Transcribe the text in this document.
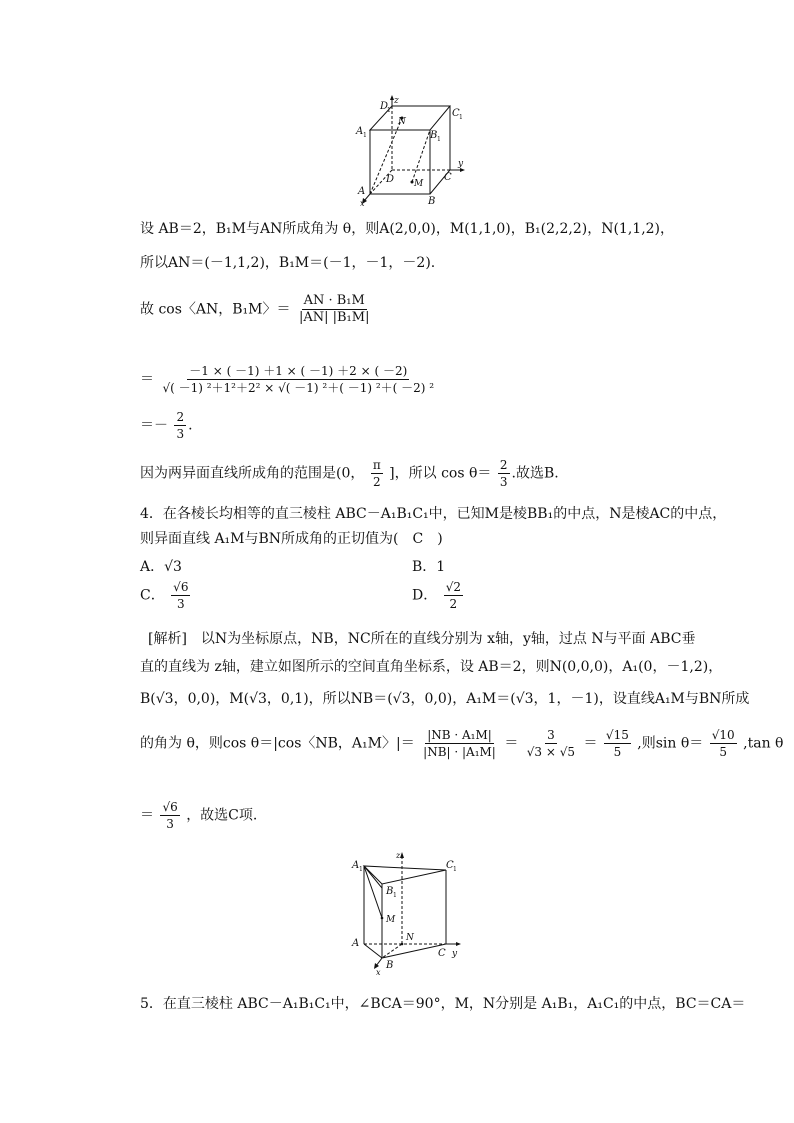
D
1
z
N
C 1
A 1	B 1
y
D M
C
A
x	B
设 AB＝2，B₁M与AN所成角为 θ，则A(2,0,0)，M(1,1,0)，B₁(2,2,2)，N(1,1,2)，
所以AN＝(－1,1,2)，B₁M＝(－1，－1，－2).
故 cos〈AN，B₁M〉＝ $\frac{\text{AN · B₁M}}{\text{|AN| |B₁M|}}$
＝ $\frac{-1 \times ( -1) +1 \times ( -1) +2 \times ( -2)}{\text{√( －1) ²＋1²＋2² × √( －1) ²＋( －1) ²＋( －2) ²}}$
＝－ $\frac{2}{3}$ .
因为两异面直线所成角的范围是(0， $\frac{\pi}{2}$ ]，所以 $\cos \theta= \frac{2}{3}$ .故选B.
4．在各棱长均相等的直三棱柱 ABC－A₁B₁C₁中，已知M是棱BB₁的中点，N是棱AC的中点，
则异面直线 A₁M与BN所成角的正切值为(　C　)
A．√3	B．1
C． $\frac{√6}{3}$	D． $\frac{√2}{2}$
[解析]　以N为坐标原点，NB，NC所在的直线分别为 x轴，y轴，过点 N与平面 ABC垂
直的直线为 z轴，建立如图所示的空间直角坐标系，设 AB＝2，则N(0,0,0)，A₁(0，－1,2)，
B(√3，0,0)，M(√3，0,1)，所以NB＝(√3，0,0)，A₁M＝(√3，1，－1)，设直线A₁M与BN所成
的角为 θ，则cos θ＝|cos〈NB，A₁M〉|＝ $\frac{\text{|NB · A₁M|}}{\text{|NB| · |A₁M|}} = \frac{3}{√3 \times √5} = \frac{√15}{5}$ ,则$\sin \theta= \frac{√10}{5} ,\tan$ θ
＝ $\frac{√6}{3}$ ，故选C项.
A 1
z
C 1
B 1
M
N
A
C y
B
x
5．在直三棱柱 ABC－A₁B₁C₁中，∠BCA＝90°，M，N分别是 A₁B₁，A₁C₁的中点，BC＝CA＝
